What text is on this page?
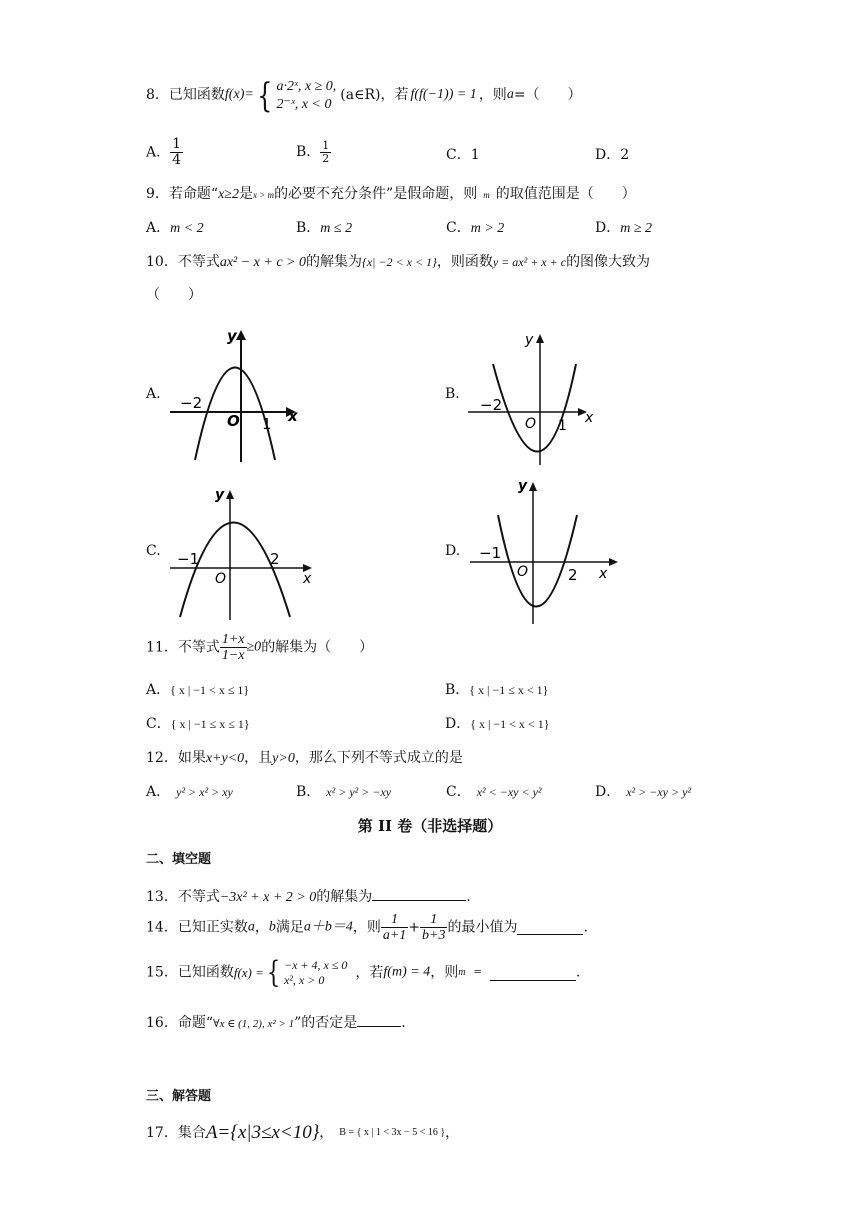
8．已知函数f(x)={ a·2ˣ, x ≥ 0,
2⁻ˣ, x < 0
(a∈R)，若 f(f(−1)) = 1 ，则a=（　　）
A． $\frac{1}{4}$	B． $\frac{1}{2}$	C．1	D．2
9．若命题“x≥2是x > m的必要不充分条件”是假命题，则 m 的取值范围是（　　）
A．m < 2	B．m ≤ 2	C．m > 2	D．m ≥ 2
10．不等式ax² − x + c > 0的解集为{x| −2 < x < 1}，则函数y = ax² + x + c的图像大致为
（　　）
A. −2
1
O	x
y
B.
−2
1
O	x
y
C. −1	2
O	x
y
D. −1
2
O	x
y
11．不等式 $\frac{1+x}{1-x} \ge 0$的解集为（　　）
A．{ x | −1 < x ≤ 1}	B．{ x | −1 ≤ x < 1}
C．{ x | −1 ≤ x ≤ 1}	D．{ x | −1 < x < 1}
12．如果x+y<0，且y>0，那么下列不等式成立的是
A． y² > x² > xy	B． x² > y² > −xy	C． x² < −xy < y²	D． x² > −xy > y²
第 II 卷（非选择题）
二、填空题
13．不等式−3x² + x + 2 > 0的解集为	.
14．已知正实数a，b满足a＋b＝4，则 $\frac{1}{a+1} + \frac{1}{b+3}$ 的最小值为	.
15．已知函数f(x) ={ −x + 4, x ≤ 0
x², x > 0	，若f(m) = 4，则m =	.
16．命题“∀x ∈ (1, 2), x² > 1”的否定是	.
三、解答题
17．集合A={x|3≤x<10}， B = { x | 1 < 3x − 5 < 16 }，
